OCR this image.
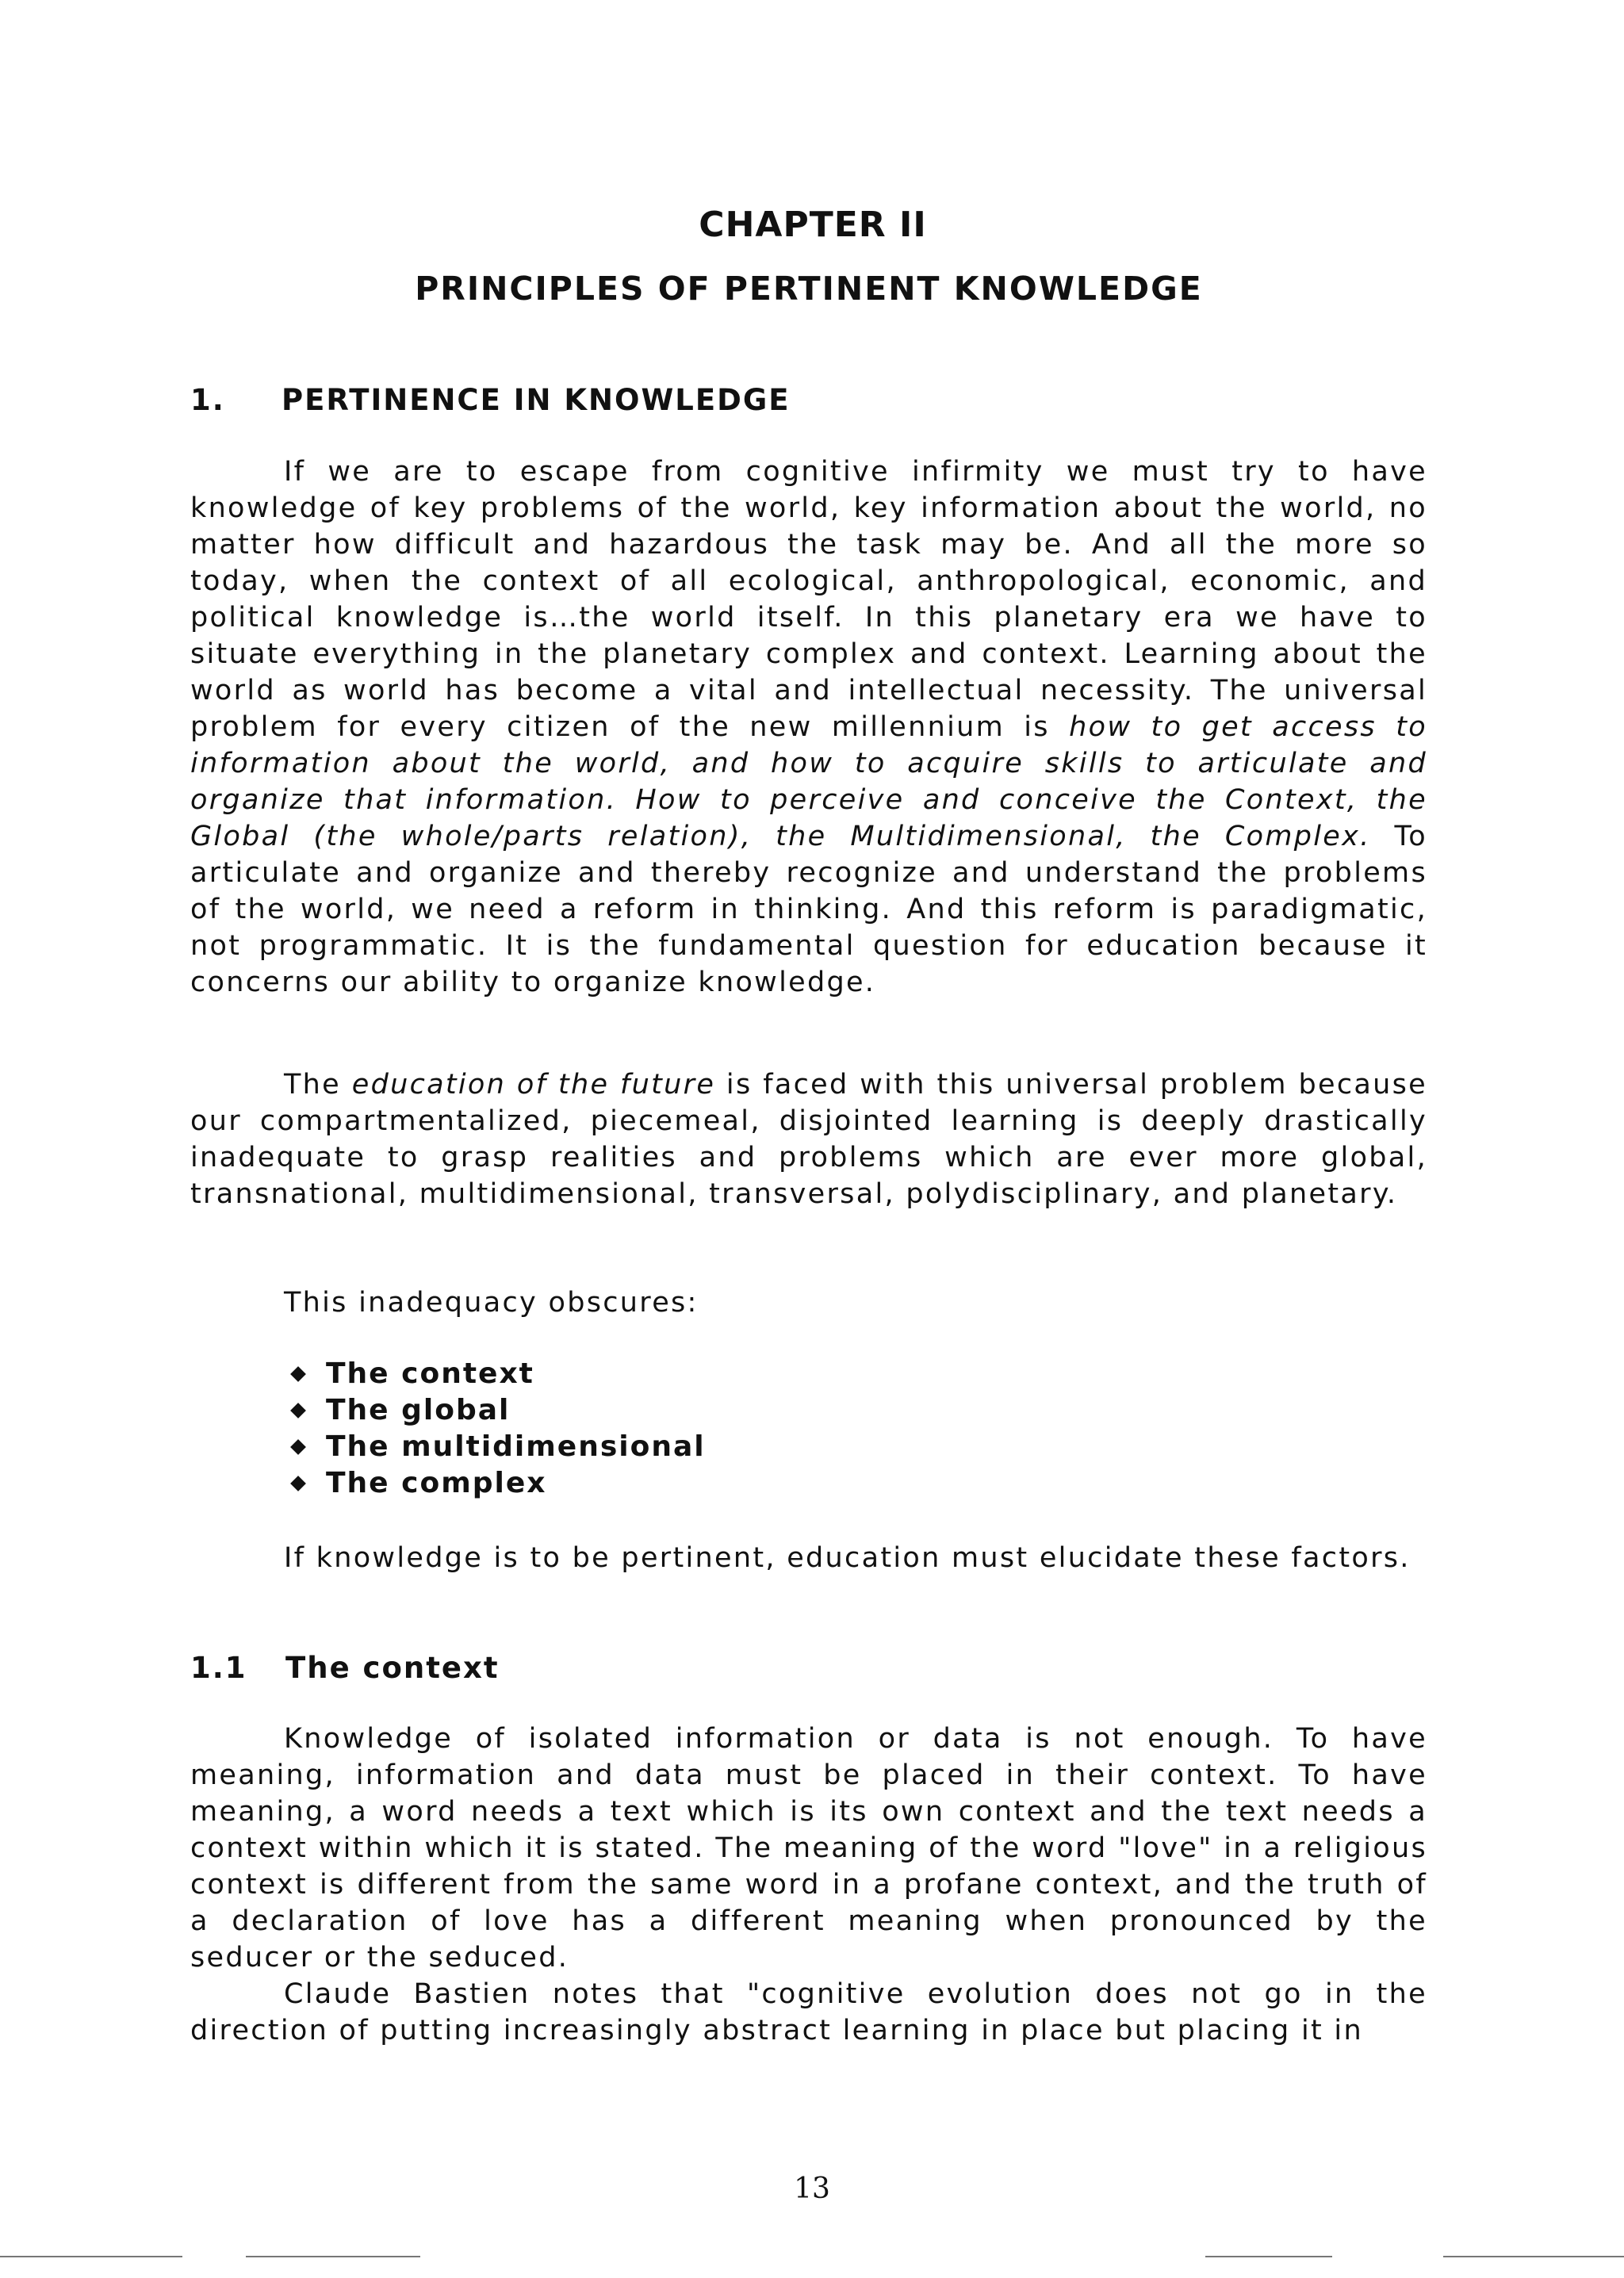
CHAPTER II
PRINCIPLES OF PERTINENT KNOWLEDGE
1. PERTINENCE IN KNOWLEDGE

If we are to escape from cognitive infirmity we must try to have knowledge of key problems of the world, key information about the world, no matter how difficult and hazardous the task may be. And all the more so today, when the context of all ecological, anthropological, economic, and political knowledge is…the world itself. In this planetary era we have to situate everything in the planetary complex and context. Learning about the world as world has become a vital and intellectual necessity. The universal problem for every citizen of the new millennium is how to get access to information about the world, and how to acquire skills to articulate and organize that information. How to perceive and conceive the Context, the Global (the whole/parts relation), the Multidimensional, the Complex. To articulate and organize and thereby recognize and understand the problems of the world, we need a reform in thinking. And this reform is paradigmatic, not programmatic. It is the fundamental question for education because it concerns our ability to organize knowledge.

The education of the future is faced with this universal problem because our compartmentalized, piecemeal, disjointed learning is deeply drastically inadequate to grasp realities and problems which are ever more global, transnational, multidimensional, transversal, polydisciplinary, and planetary.

This inadequacy obscures:

The context
The global
The multidimensional
The complex

If knowledge is to be pertinent, education must elucidate these factors.

1.1 The context

Knowledge of isolated information or data is not enough. To have meaning, information and data must be placed in their context. To have meaning, a word needs a text which is its own context and the text needs a context within which it is stated. The meaning of the word "love" in a religious context is different from the same word in a profane context, and the truth of a declaration of love has a different meaning when pronounced by the seducer or the seduced.

Claude Bastien notes that "cognitive evolution does not go in the direction of putting increasingly abstract learning in place but placing it in

13
